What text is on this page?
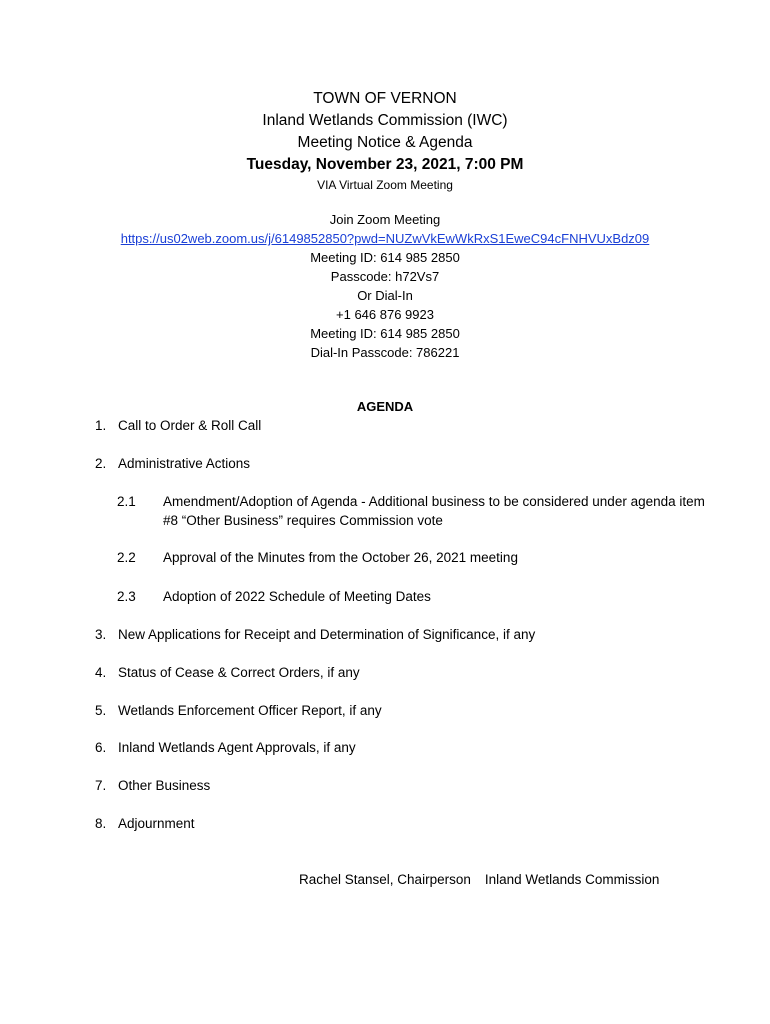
TOWN OF VERNON
Inland Wetlands Commission (IWC)
Meeting Notice & Agenda
Tuesday, November 23, 2021, 7:00 PM
VIA Virtual Zoom Meeting
Join Zoom Meeting
https://us02web.zoom.us/j/6149852850?pwd=NUZwVkEwWkRxS1EweC94cFNHVUxBdz09
Meeting ID: 614 985 2850
Passcode: h72Vs7
Or Dial-In
+1 646 876 9923
Meeting ID: 614 985 2850
Dial-In Passcode: 786221
AGENDA
1. Call to Order & Roll Call
2. Administrative Actions
2.1 Amendment/Adoption of Agenda - Additional business to be considered under agenda item #8 “Other Business” requires Commission vote
2.2 Approval of the Minutes from the October 26, 2021 meeting
2.3 Adoption of 2022 Schedule of Meeting Dates
3. New Applications for Receipt and Determination of Significance, if any
4. Status of Cease & Correct Orders, if any
5. Wetlands Enforcement Officer Report, if any
6. Inland Wetlands Agent Approvals, if any
7. Other Business
8. Adjournment
Rachel Stansel, Chairperson Inland Wetlands Commission
